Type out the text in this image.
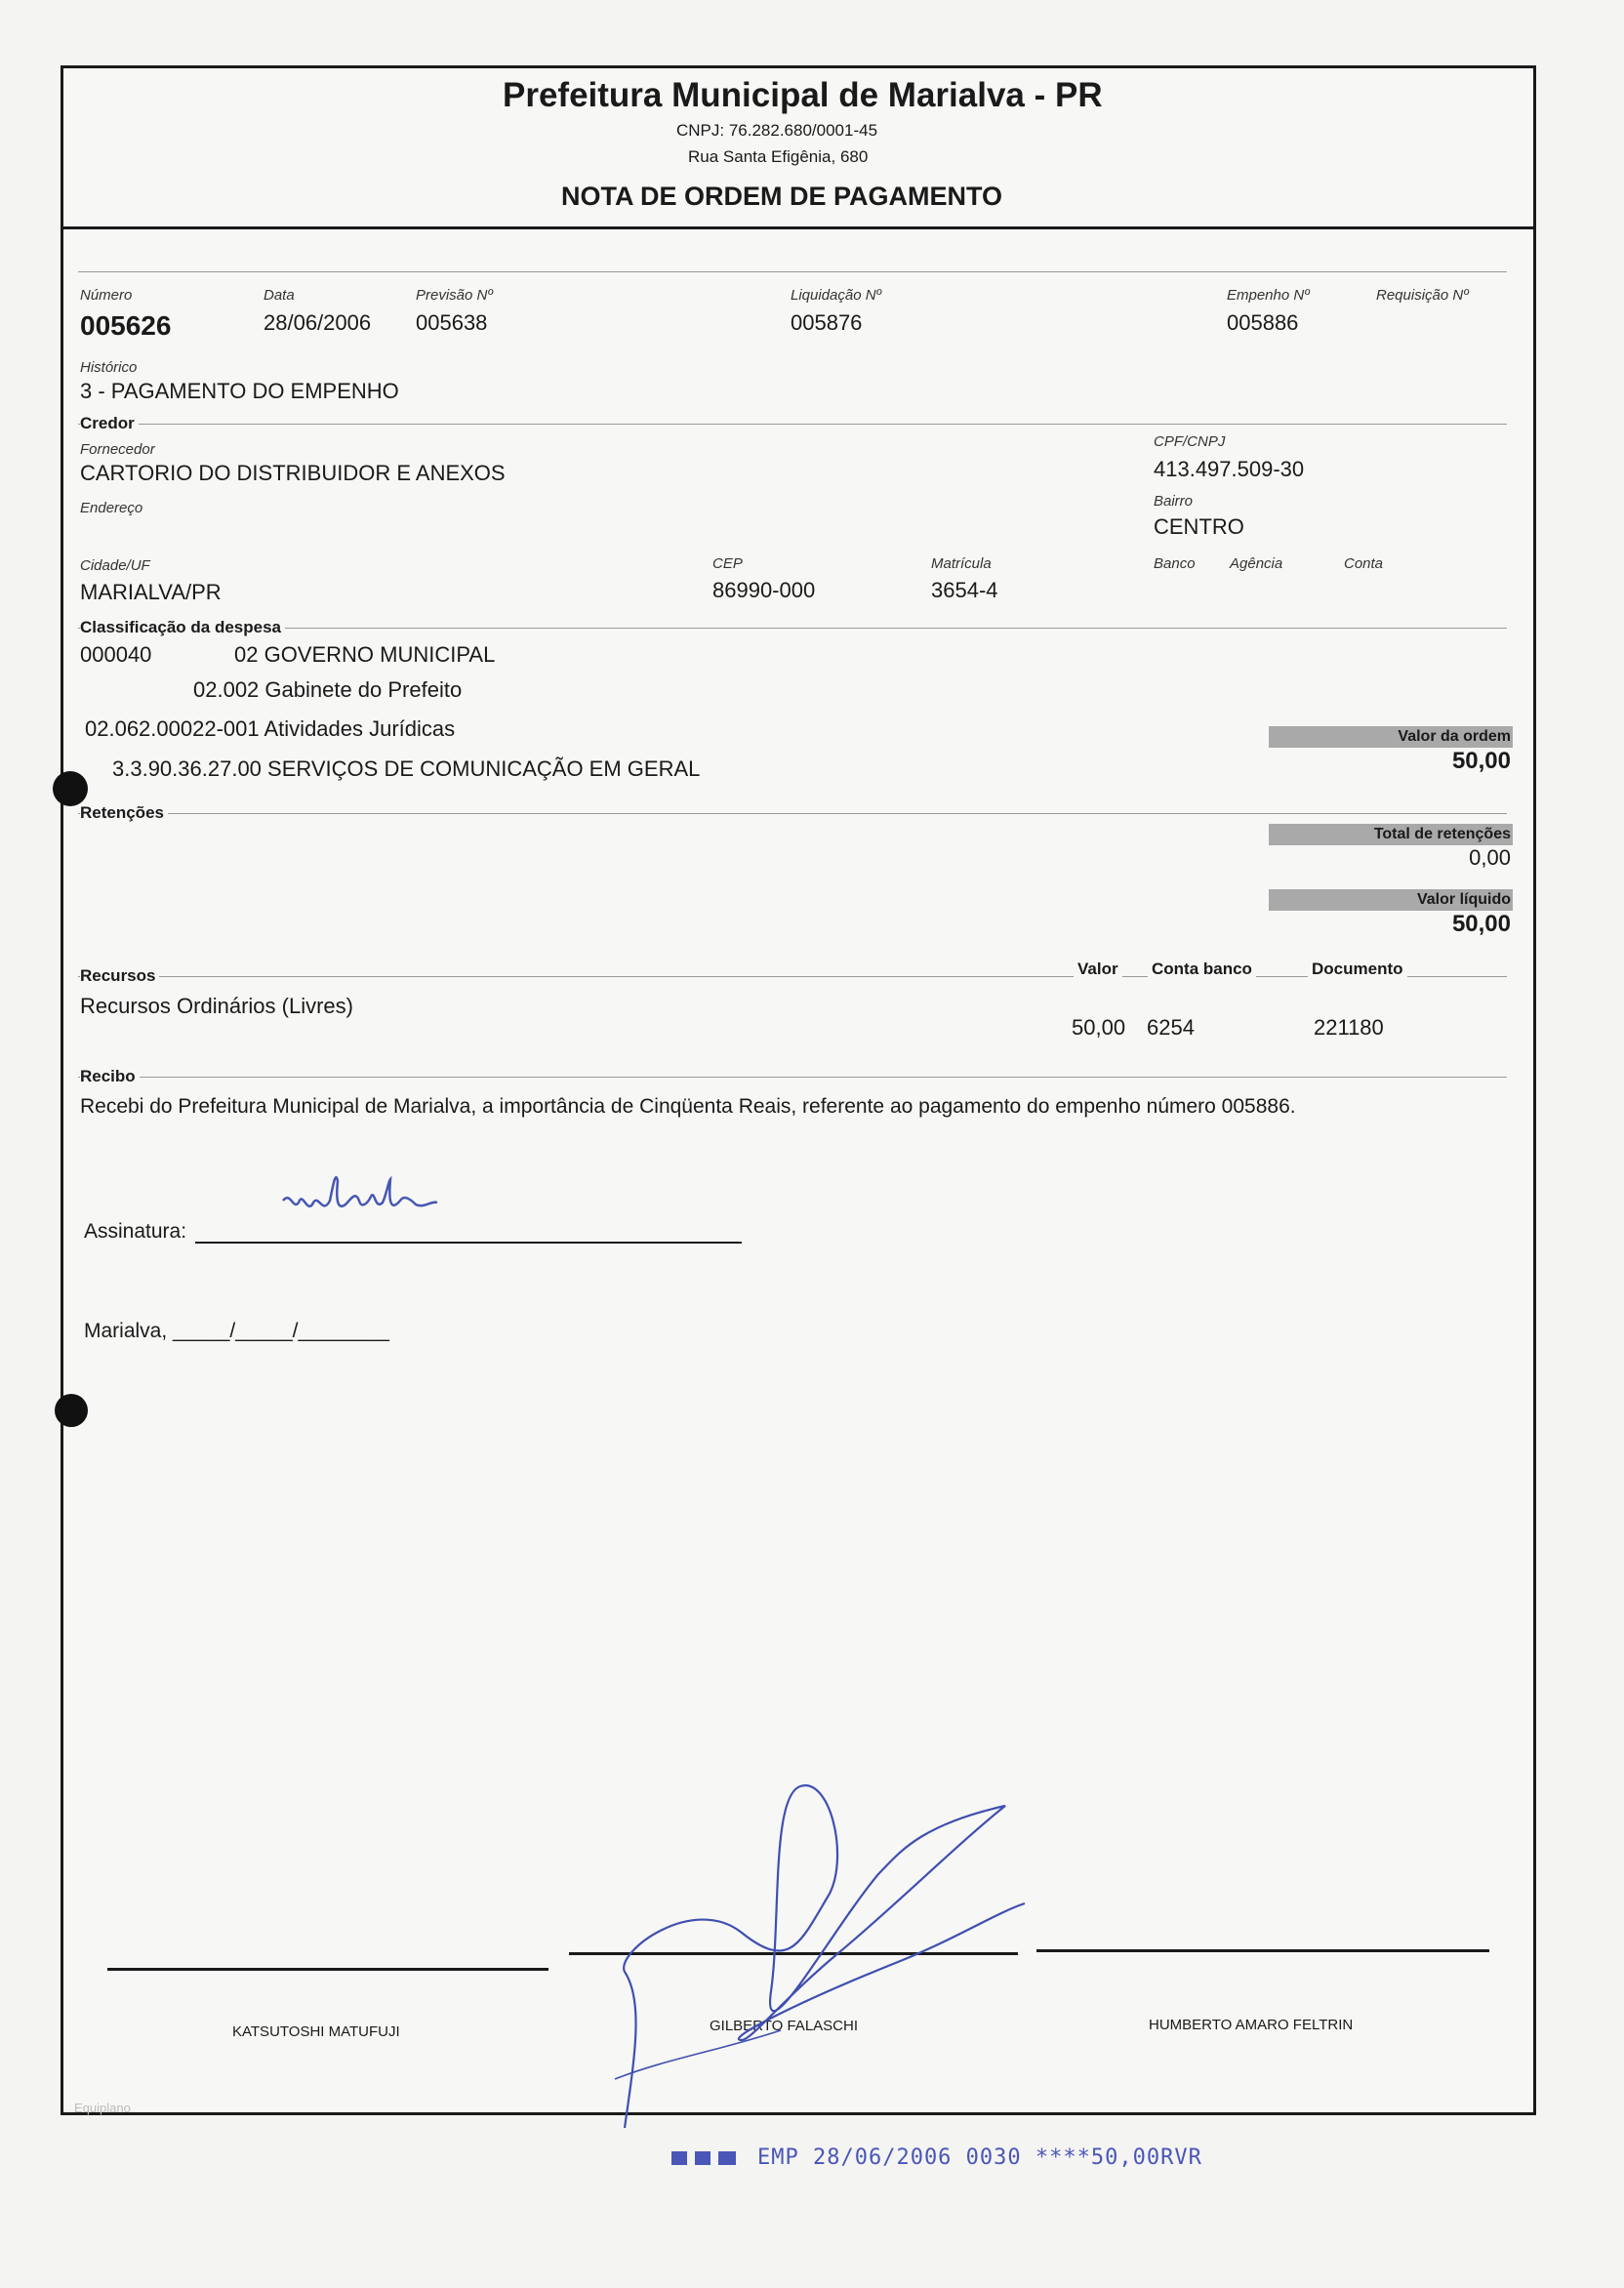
Prefeitura Municipal de Marialva - PR
CNPJ: 76.282.680/0001-45
Rua Santa Efigênia, 680
NOTA DE ORDEM DE PAGAMENTO
Número
005626
Data
28/06/2006
Previsão Nº
005638
Liquidação Nº
005876
Empenho Nº
005886
Requisição Nº
Histórico
3 - PAGAMENTO DO EMPENHO
Credor
Fornecedor
CARTORIO DO DISTRIBUIDOR E ANEXOS
CPF/CNPJ
413.497.509-30
Endereço	Bairro
CENTRO
Cidade/UF
MARIALVA/PR
CEP
86990-000
Matrícula
3654-4
Banco Agência	Conta
Classificação da despesa
000040	02 GOVERNO MUNICIPAL
02.002 Gabinete do Prefeito
02.062.00022-001 Atividades Jurídicas
3.3.90.36.27.00 SERVIÇOS DE COMUNICAÇÃO EM GERAL
Valor da ordem
50,00
Retenções
Total de retenções
0,00
Valor líquido
50,00
Recursos	Valor Conta banco	Documento
Recursos Ordinários (Livres)
50,00 6254	221180
Recibo
Recebi do Prefeitura Municipal de Marialva, a importância de Cinqüenta Reais, referente ao pagamento do empenho número 005886.
Assinatura:
Marialva, _____/_____/________
KATSUTOSHI MATUFUJI	GILBERTO FALASCHI	HUMBERTO AMARO FELTRIN
Equiplano
EMP 28/06/2006 0030 ****50,00RVR
